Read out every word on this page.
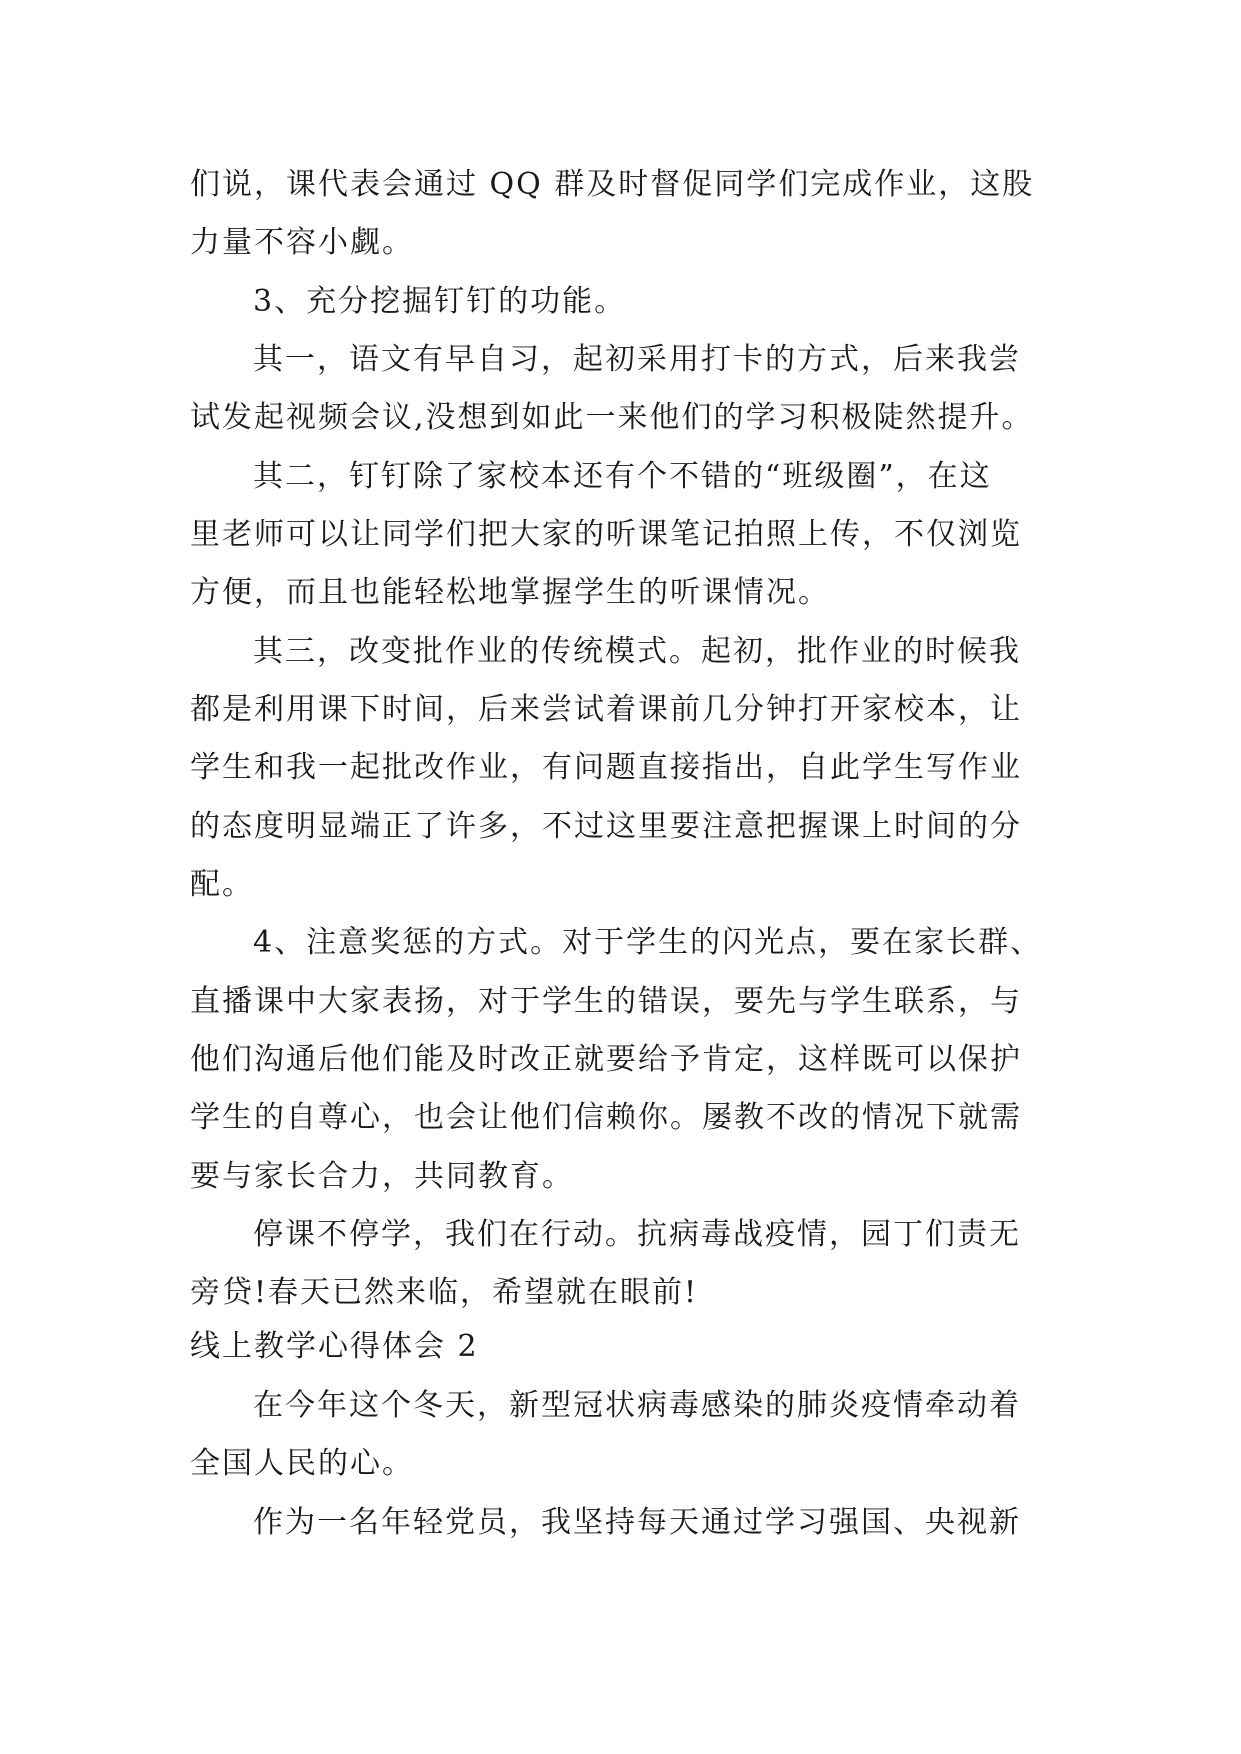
们说，课代表会通过 QQ 群及时督促同学们完成作业，这股
力量不容小觑。
3、充分挖掘钉钉的功能。
其一，语文有早自习，起初采用打卡的方式，后来我尝
试发起视频会议,没想到如此一来他们的学习积极陡然提升。
其二，钉钉除了家校本还有个不错的“班级圈”，在这
里老师可以让同学们把大家的听课笔记拍照上传，不仅浏览
方便，而且也能轻松地掌握学生的听课情况。
其三，改变批作业的传统模式。起初，批作业的时候我
都是利用课下时间，后来尝试着课前几分钟打开家校本，让
学生和我一起批改作业，有问题直接指出，自此学生写作业
的态度明显端正了许多，不过这里要注意把握课上时间的分
配。
4、注意奖惩的方式。对于学生的闪光点，要在家长群、
直播课中大家表扬，对于学生的错误，要先与学生联系，与
他们沟通后他们能及时改正就要给予肯定，这样既可以保护
学生的自尊心，也会让他们信赖你。屡教不改的情况下就需
要与家长合力，共同教育。
停课不停学，我们在行动。抗病毒战疫情，园丁们责无
旁贷!春天已然来临，希望就在眼前!
线上教学心得体会 2
在今年这个冬天，新型冠状病毒感染的肺炎疫情牵动着
全国人民的心。
作为一名年轻党员，我坚持每天通过学习强国、央视新
